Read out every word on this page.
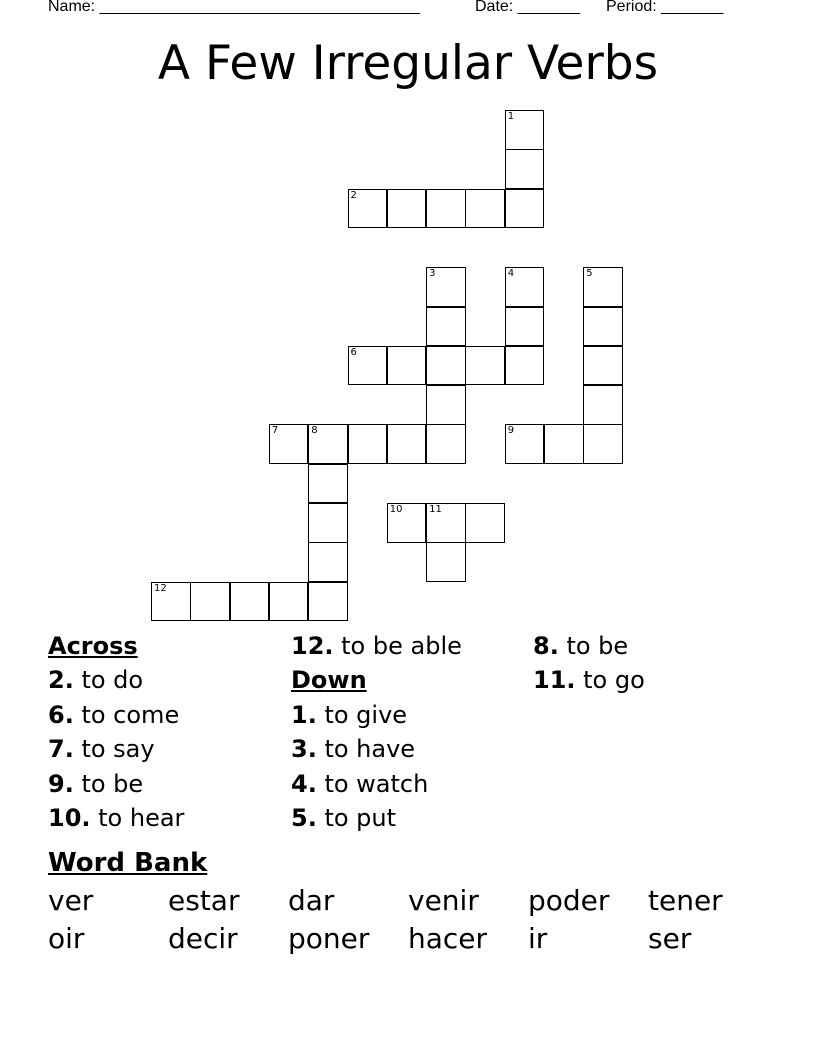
Name: ____________________________________

	Date: _______

Period: _______

A Few Irregular Verbs
1
2
3	4	5
6
7	8	9
10	11
12
Across
2. to do
6. to come
7. to say
9. to be
10. to hear
12. to be able
Down
1. to give
3. to have
4. to watch
5. to put
8. to be
11. to go
Word Bank
ver	estar dar	venir poder tener
oir	decir poner hacer ir	ser
